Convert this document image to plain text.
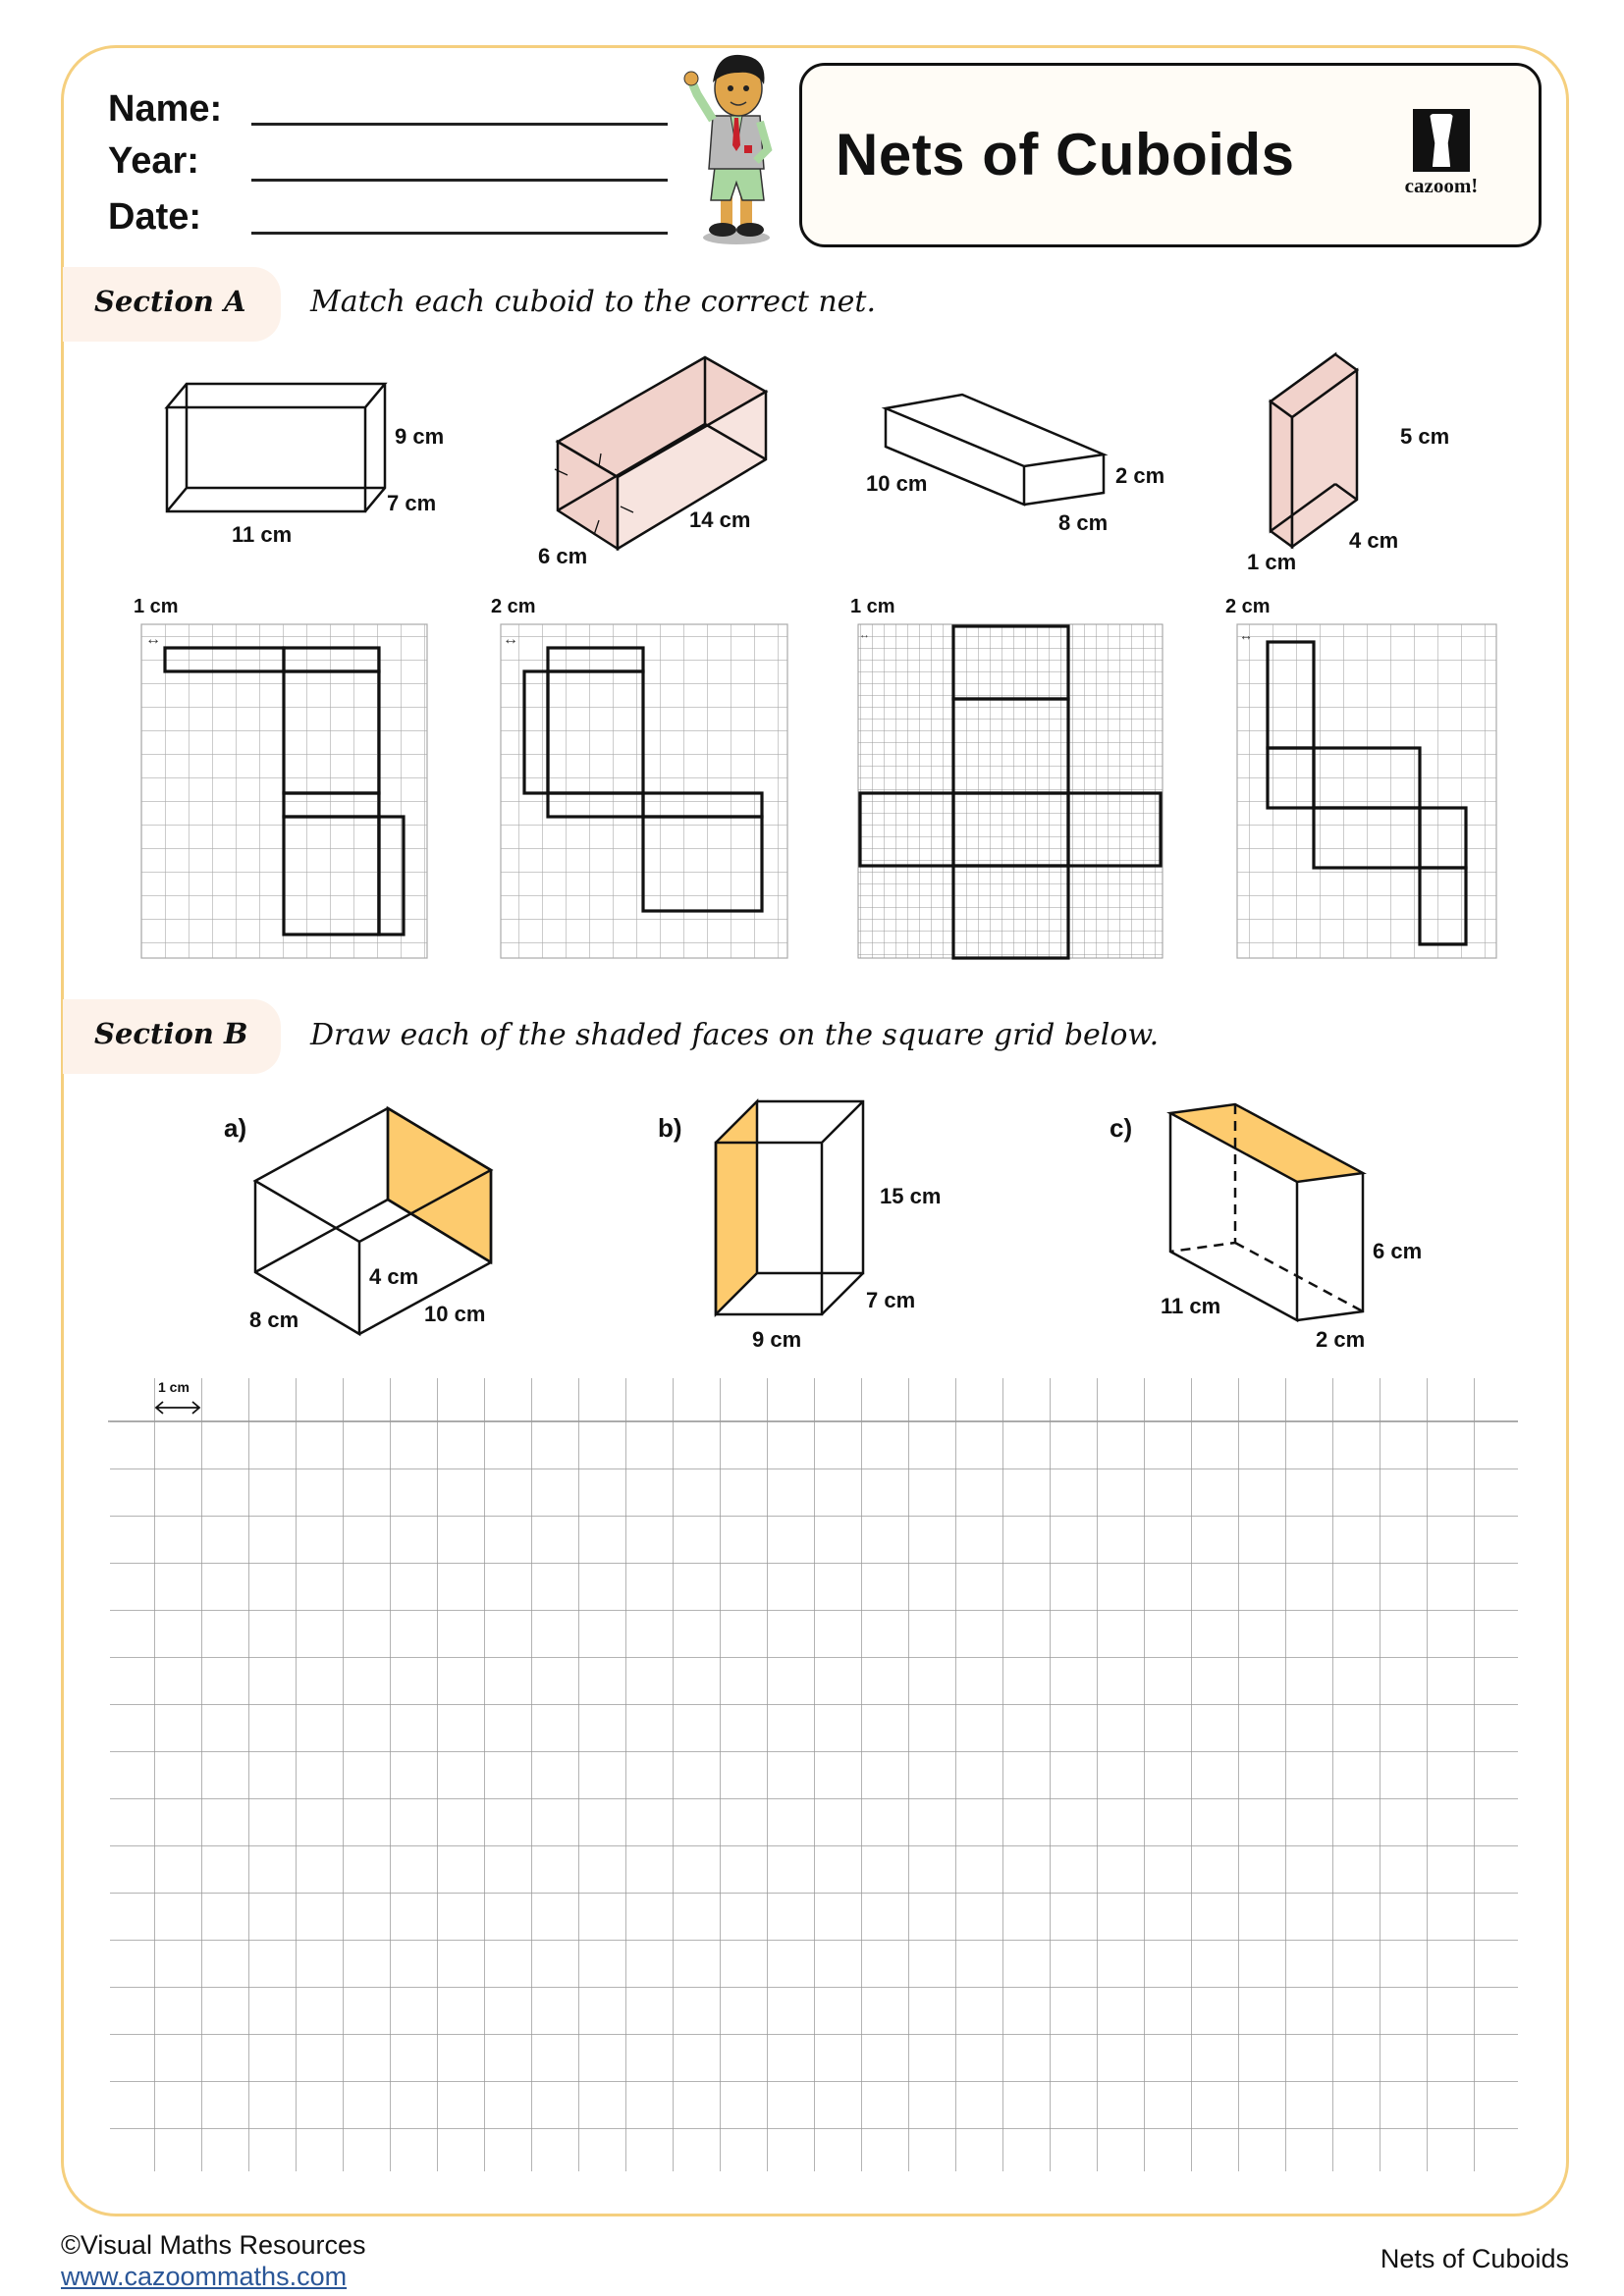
Name:
Year:
Date:
Nets of Cuboids	cazoom!
Section A Match each cuboid to the correct net.
9 cm
7 cm
11 cm
14 cm
6 cm
10 cm	2 cm
8 cm
5 cm
4 cm
1 cm
↔
1 cm
↔
2 cm
↔
1 cm
↔
2 cm
a)
4 cm
8 cm	10 cm
b)
15 cm
7 cm
9 cm
c)
6 cm
11 cm
2 cm
1 cm
Section B Draw each of the shaded faces on the square grid below.
©Visual Maths Resources
www.cazoommaths.com
Nets of Cuboids
